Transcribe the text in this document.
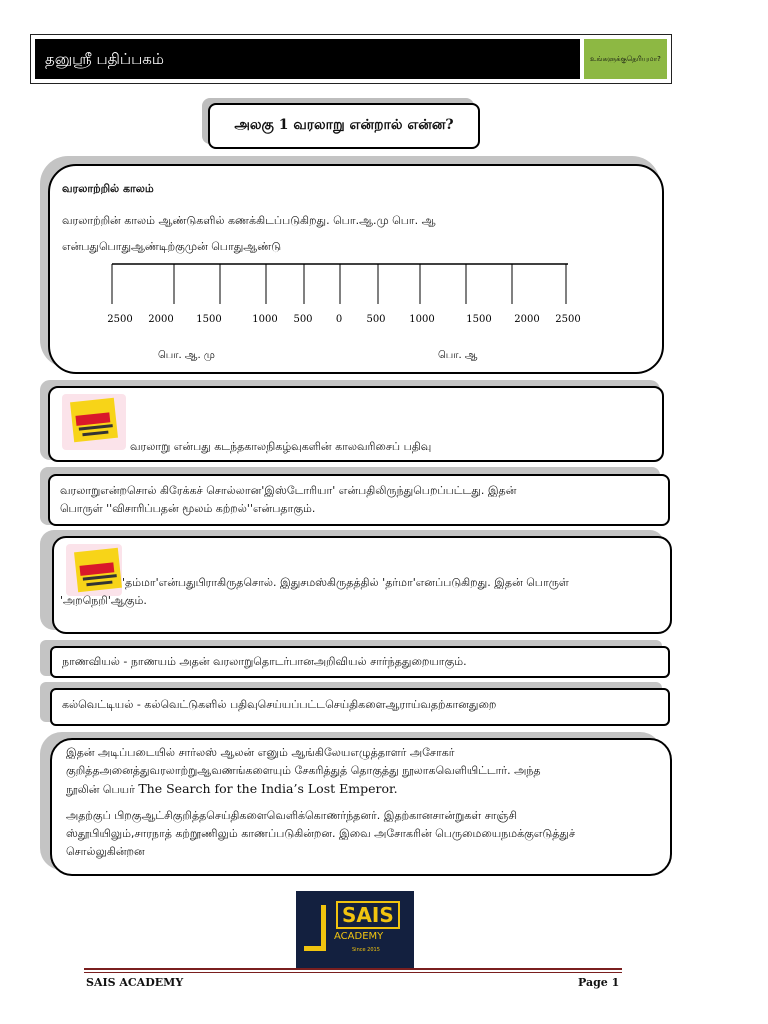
தனுஸ்ரீ பதிப்பகம்	உங்களுக்குதெரியுமா?
அலகு 1 வரலாறு என்றால் என்ன?
வரலாற்றில் காலம்
வரலாற்றின் காலம் ஆண்டுகளில் கணக்கிடப்படுகிறது. பொ.ஆ.மு பொ. ஆ
என்பதுபொதுஆண்டிற்குமுன் பொதுஆண்டு
2500 2000 1500	1000 500 0 500 1000	1500 2000 2500
பொ. ஆ. மு	பொ. ஆ
வரலாறு என்பது கடந்தகாலநிகழ்வுகளின் காலவரிசைப் பதிவு
வரலாறுஎன்றசொல் கிரேக்கச் சொல்லான'இஸ்டோரியா' என்பதிலிருந்துபெறப்பட்டது. இதன்
பொருள் ''விசாரிப்பதன் மூலம் கற்றல்''என்பதாகும்.
'தம்மா'என்பதுபிராகிருதசொல். இதுசமஸ்கிருதத்தில் 'தர்மா'எனப்படுகிறது. இதன் பொருள்
'அறநெறி'ஆகும்.
நாணவியல் - நாணயம் அதன் வரலாறுதொடர்பானஅறிவியல் சார்ந்ததுறையாகும்.
கல்வெட்டியல் - கல்வெட்டுகளில் பதிவுசெய்யப்பட்டசெய்திகளைஆராய்வதற்கானதுறை

இதன் அடிப்படையில் சார்லஸ் ஆலன் எனும் ஆங்கிலேயஎழுத்தாளர் அசோகர்

குறித்தஅனைத்துவரலாற்றுஆவணங்களையும் சேகரித்துத் தொகுத்து நூலாகவெளியிட்டார். அந்த

நூலின் பெயர் The Search for the India’s Lost Emperor.

அதற்குப் பிறகுஆட்சிகுறித்தசெய்திகளைவெளிக்கொணர்ந்தனர். இதற்கானசான்றுகள் சாஞ்சி

ஸ்தூபியிலும்,சாரநாத் கற்றூணிலும் காணப்படுகின்றன. இவை அசோகரின் பெருமையைநமக்குஎடுத்துச்

சொல்லுகின்றன

SAIS
ACADEMY
Since 2015
SAIS ACADEMY	Page 1
